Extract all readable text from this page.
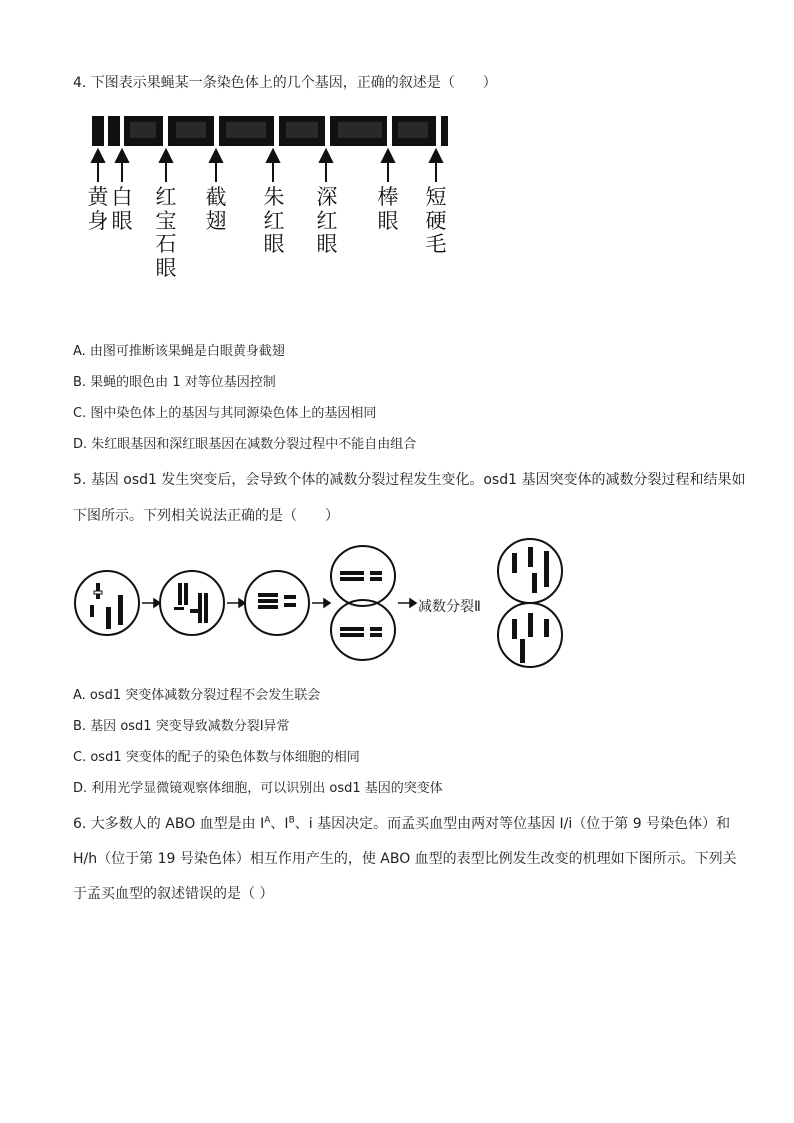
4. 下图表示果蝇某一条染色体上的几个基因，正确的叙述是（　　）
黄
身
白
眼
红
宝
石
眼
截
翅
朱
红
眼
深
红
眼
棒
眼
短
硬
毛
A. 由图可推断该果蝇是白眼黄身截翅
B. 果蝇的眼色由 1 对等位基因控制
C. 图中染色体上的基因与其同源染色体上的基因相同
D. 朱红眼基因和深红眼基因在减数分裂过程中不能自由组合
5. 基因 osd1 发生突变后，会导致个体的减数分裂过程发生变化。osd1 基因突变体的减数分裂过程和结果如
下图所示。下列相关说法正确的是（　　）
减数分裂Ⅱ
A. osd1 突变体减数分裂过程不会发生联会
B. 基因 osd1 突变导致减数分裂Ⅰ异常
C. osd1 突变体的配子的染色体数与体细胞的相同
D. 利用光学显微镜观察体细胞，可以识别出 osd1 基因的突变体
6. 大多数人的 ABO 血型是由 $I^A$、$I^B$、i 基因决定。而孟买血型由两对等位基因 I/i（位于第 9 号染色体）和
H/h（位于第 19 号染色体）相互作用产生的，使 ABO 血型的表型比例发生改变的机理如下图所示。下列关
于孟买血型的叙述错误的是（ ）
